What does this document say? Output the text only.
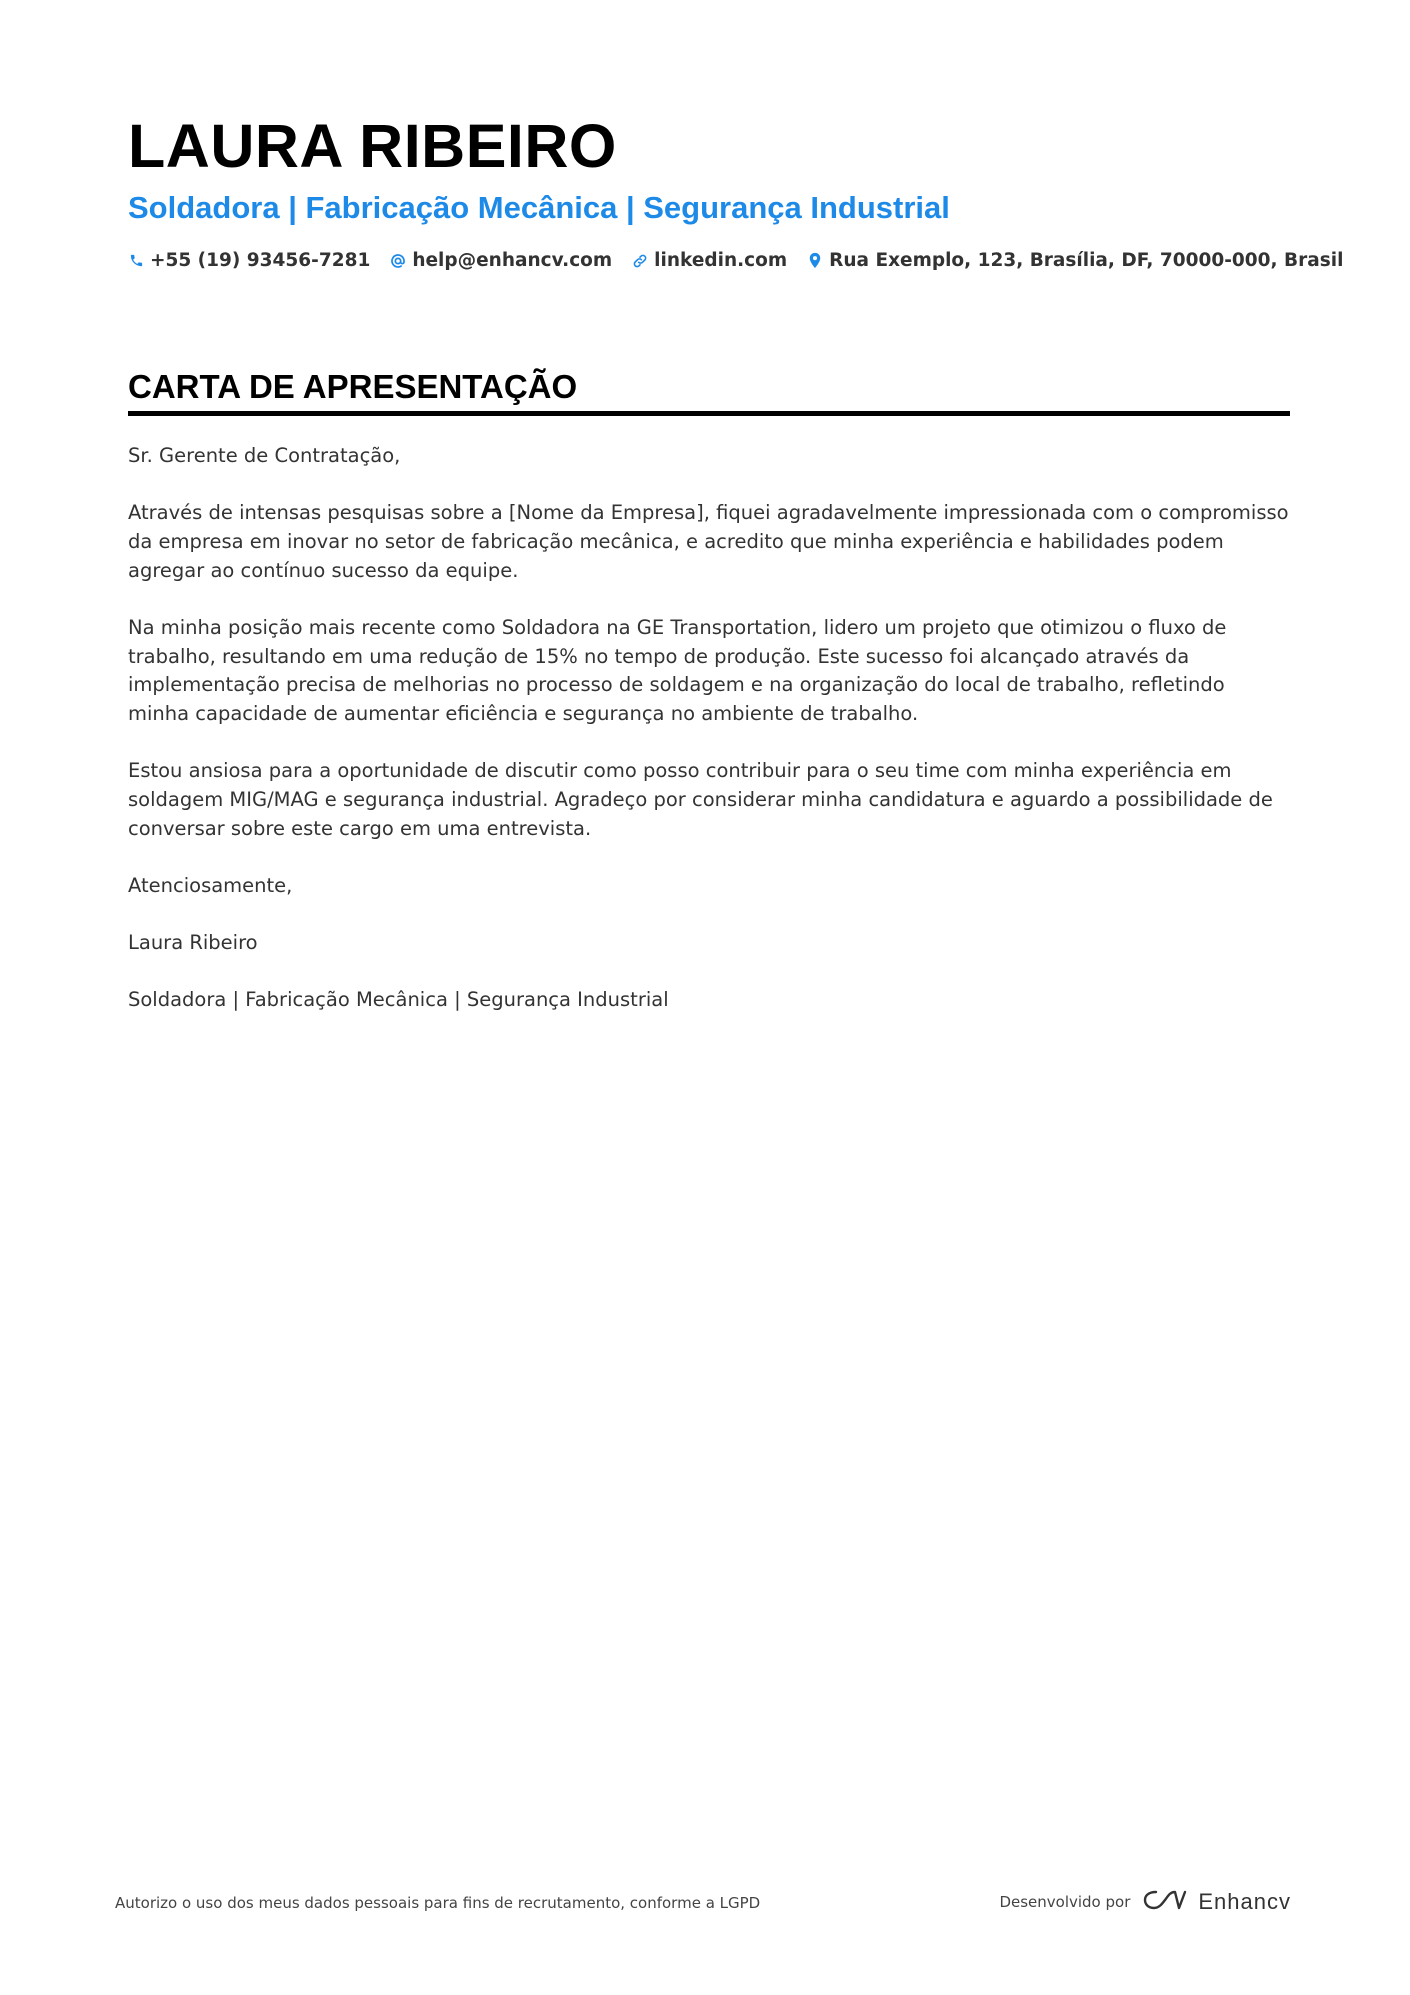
LAURA RIBEIRO
Soldadora | Fabricação Mecânica | Segurança Industrial
+55 (19) 93456-7281 help@enhancv.com linkedin.com Rua Exemplo, 123, Brasília, DF, 70000-000, Brasil
CARTA DE APRESENTAÇÃO

Sr. Gerente de Contratação,

Através de intensas pesquisas sobre a [Nome da Empresa], fiquei agradavelmente impressionada com o compromisso da empresa em inovar no setor de fabricação mecânica, e acredito que minha experiência e habilidades podem agregar ao contínuo sucesso da equipe.

Na minha posição mais recente como Soldadora na GE Transportation, lidero um projeto que otimizou o fluxo de trabalho, resultando em uma redução de 15% no tempo de produção. Este sucesso foi alcançado através da implementação precisa de melhorias no processo de soldagem e na organização do local de trabalho, refletindo minha capacidade de aumentar eficiência e segurança no ambiente de trabalho.

Estou ansiosa para a oportunidade de discutir como posso contribuir para o seu time com minha experiência em soldagem MIG/MAG e segurança industrial. Agradeço por considerar minha candidatura e aguardo a possibilidade de conversar sobre este cargo em uma entrevista.

Atenciosamente,

Laura Ribeiro

Soldadora | Fabricação Mecânica | Segurança Industrial

Autorizo o uso dos meus dados pessoais para fins de recrutamento, conforme a LGPD	Desenvolvido por	Enhancv
